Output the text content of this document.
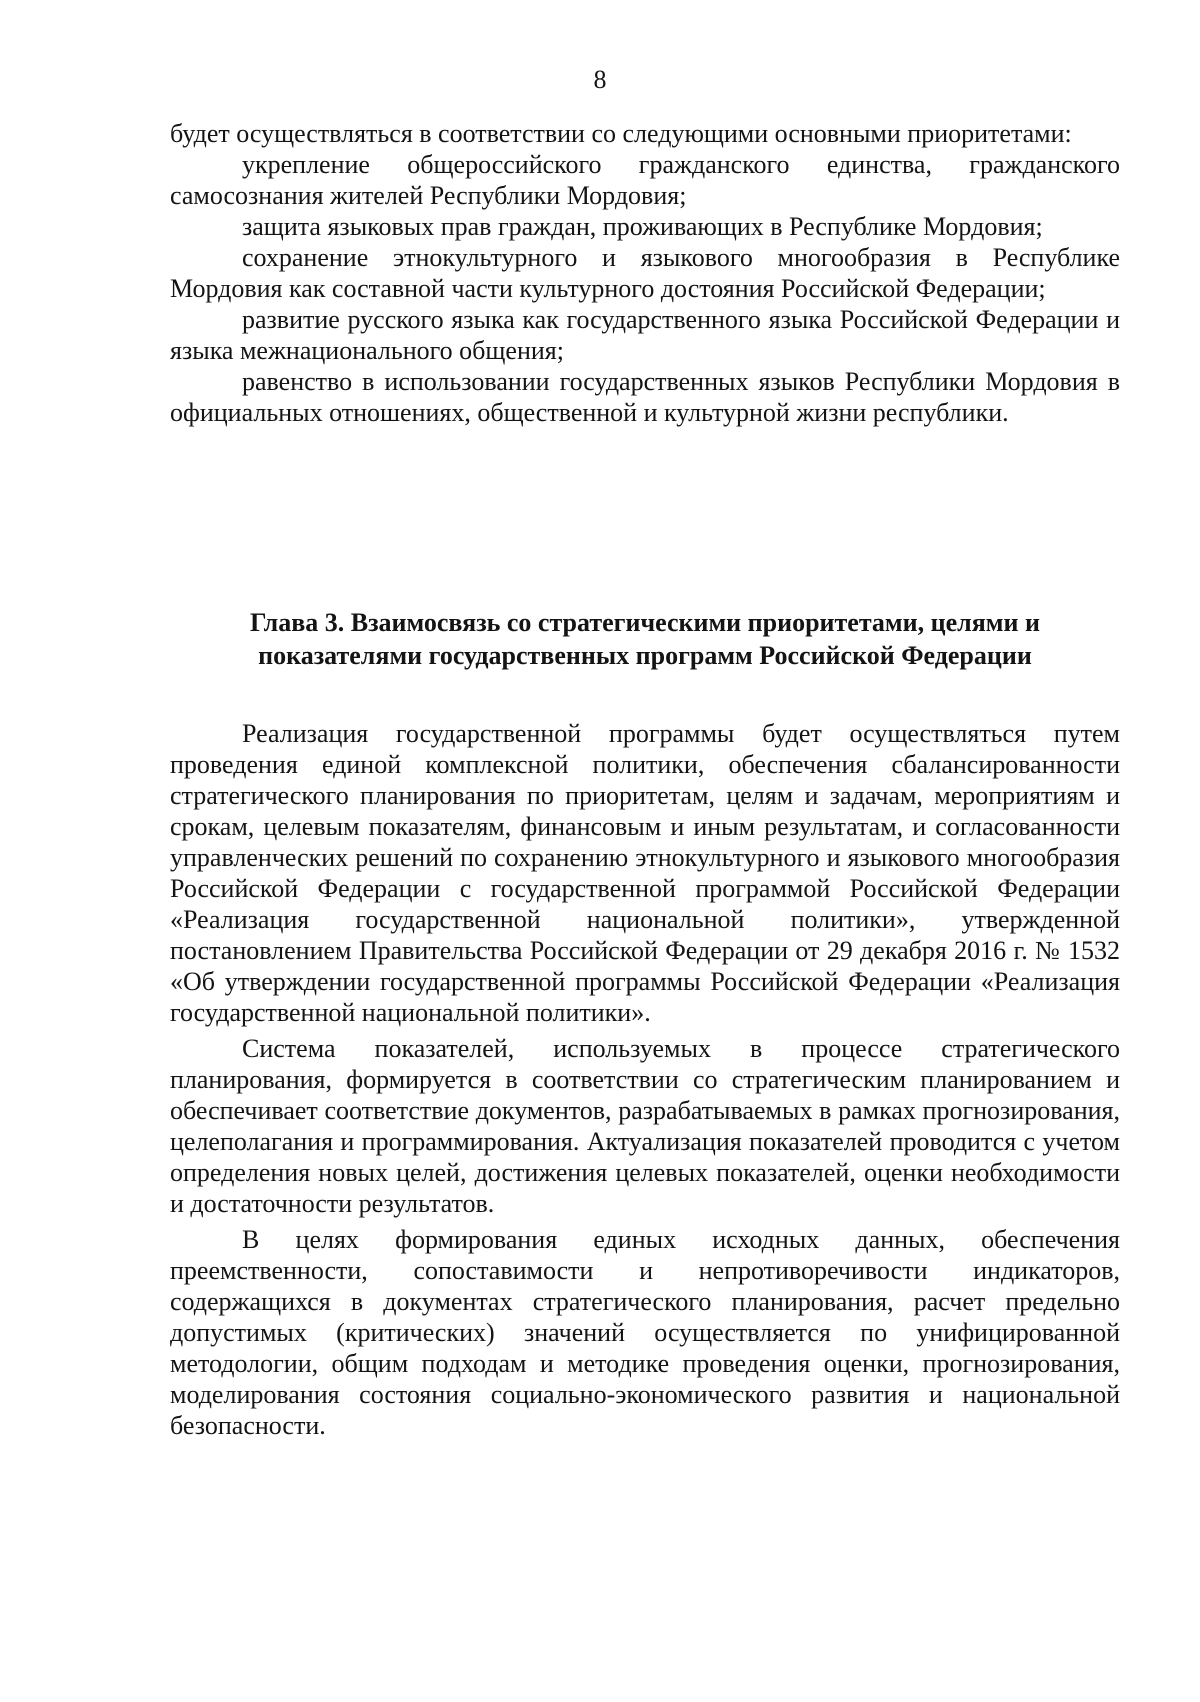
8

будет осуществляться в соответствии со следующими основными приоритетами:

укрепление общероссийского гражданского единства, гражданского самосознания жителей Республики Мордовия;

защита языковых прав граждан, проживающих в Республике Мордовия;

сохранение этнокультурного и языкового многообразия в Республике Мордовия как составной части культурного достояния Российской Федерации;

развитие русского языка как государственного языка Российской Федерации и языка межнационального общения;

равенство в использовании государственных языков Республики Мордовия в официальных отношениях, общественной и культурной жизни республики.

Глава 3. Взаимосвязь со стратегическими приоритетами, целями и
показателями государственных программ Российской Федерации

Реализация государственной программы будет осуществляться путем проведения единой комплексной политики, обеспечения сбалансированности стратегического планирования по приоритетам, целям и задачам, мероприятиям и срокам, целевым показателям, финансовым и иным результатам, и согласованности управленческих решений по сохранению этнокультурного и языкового многообразия Российской Федерации с государственной программой Российской Федерации «Реализация государственной национальной политики», утвержденной постановлением Правительства Российской Федерации от 29 декабря 2016 г. № 1532 «Об утверждении государственной программы Российской Федерации «Реализация государственной национальной политики».

Система показателей, используемых в процессе стратегического планирования, формируется в соответствии со стратегическим планированием и обеспечивает соответствие документов, разрабатываемых в рамках прогнозирования, целеполагания и программирования. Актуализация показателей проводится с учетом определения новых целей, достижения целевых показателей, оценки необходимости и достаточности результатов.

В целях формирования единых исходных данных, обеспечения преемственности, сопоставимости и непротиворечивости индикаторов, содержащихся в документах стратегического планирования, расчет предельно допустимых (критических) значений осуществляется по унифицированной методологии, общим подходам и методике проведения оценки, прогнозирования, моделирования состояния социально-экономического развития и национальной безопасности.
